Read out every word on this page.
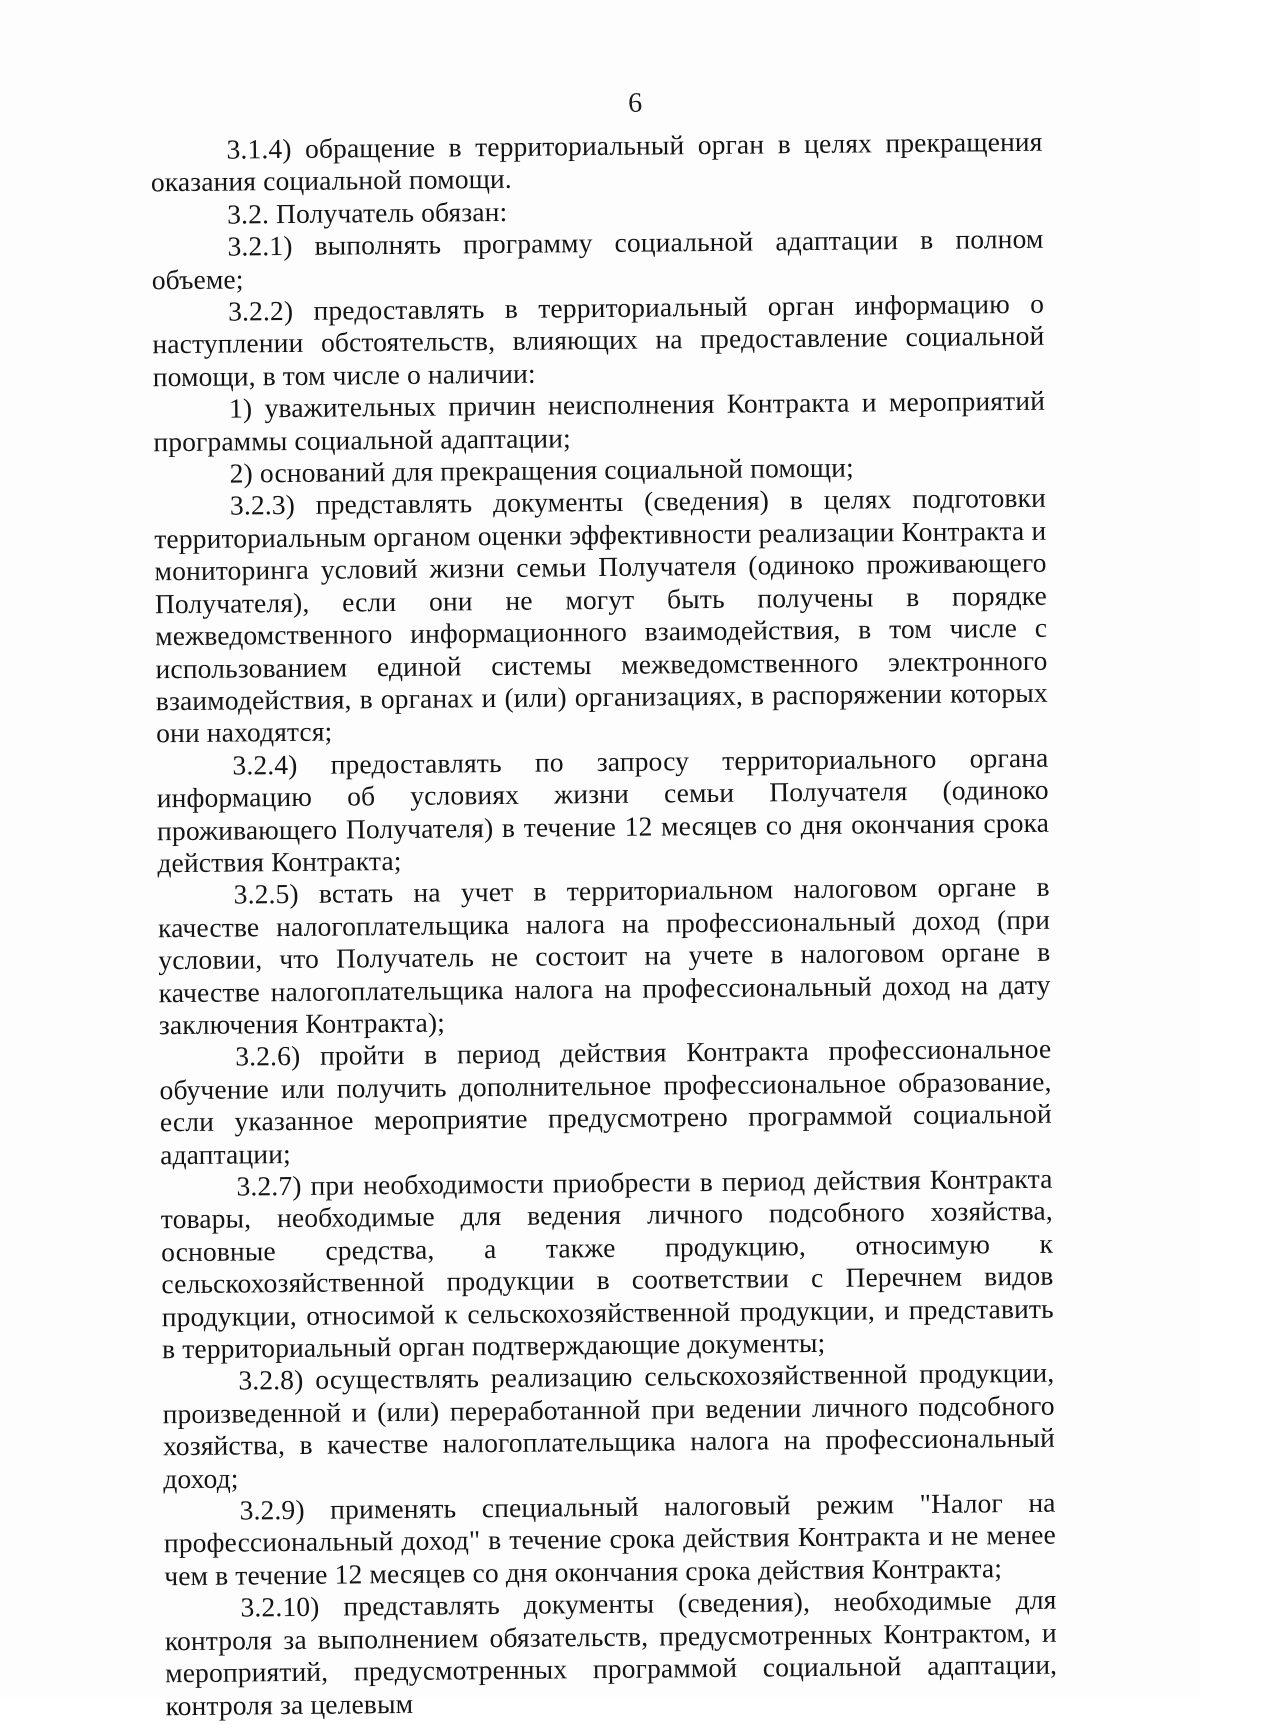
6

3.1.4) обращение в территориальный орган в целях прекращения оказания социальной помощи.

3.2. Получатель обязан:

3.2.1) выполнять программу социальной адаптации в полном объеме;

3.2.2) предоставлять в территориальный орган информацию о наступлении обстоятельств, влияющих на предоставление социальной помощи, в том числе о наличии:

1) уважительных причин неисполнения Контракта и мероприятий программы социальной адаптации;

2) оснований для прекращения социальной помощи;

3.2.3) представлять документы (сведения) в целях подготовки территориальным органом оценки эффективности реализации Контракта и мониторинга условий жизни семьи Получателя (одиноко проживающего Получателя), если они не могут быть получены в порядке межведомственного информационного взаимодействия, в том числе с использованием единой системы межведомственного электронного взаимодействия, в органах и (или) организациях, в распоряжении которых они находятся;

3.2.4) предоставлять по запросу территориального органа информацию об условиях жизни семьи Получателя (одиноко проживающего Получателя) в течение 12 месяцев со дня окончания срока действия Контракта;

3.2.5) встать на учет в территориальном налоговом органе в качестве налогоплательщика налога на профессиональный доход (при условии, что Получатель не состоит на учете в налоговом органе в качестве налогоплательщика налога на профессиональный доход на дату заключения Контракта);

3.2.6) пройти в период действия Контракта профессиональное обучение или получить дополнительное профессиональное образование, если указанное мероприятие предусмотрено программой социальной адаптации;

3.2.7) при необходимости приобрести в период действия Контракта товары, необходимые для ведения личного подсобного хозяйства, основные средства, а также продукцию, относимую к сельскохозяйственной продукции в соответствии с Перечнем видов продукции, относимой к сельскохозяйственной продукции, и представить в территориальный орган подтверждающие документы;

3.2.8) осуществлять реализацию сельскохозяйственной продукции, произведенной и (или) переработанной при ведении личного подсобного хозяйства, в качестве налогоплательщика налога на профессиональный доход;

3.2.9) применять специальный налоговый режим "Налог на профессиональный доход" в течение срока действия Контракта и не менее чем в течение 12 месяцев со дня окончания срока действия Контракта;

3.2.10) представлять документы (сведения), необходимые для контроля за выполнением обязательств, предусмотренных Контрактом, и мероприятий, предусмотренных программой социальной адаптации, контроля за целевым
